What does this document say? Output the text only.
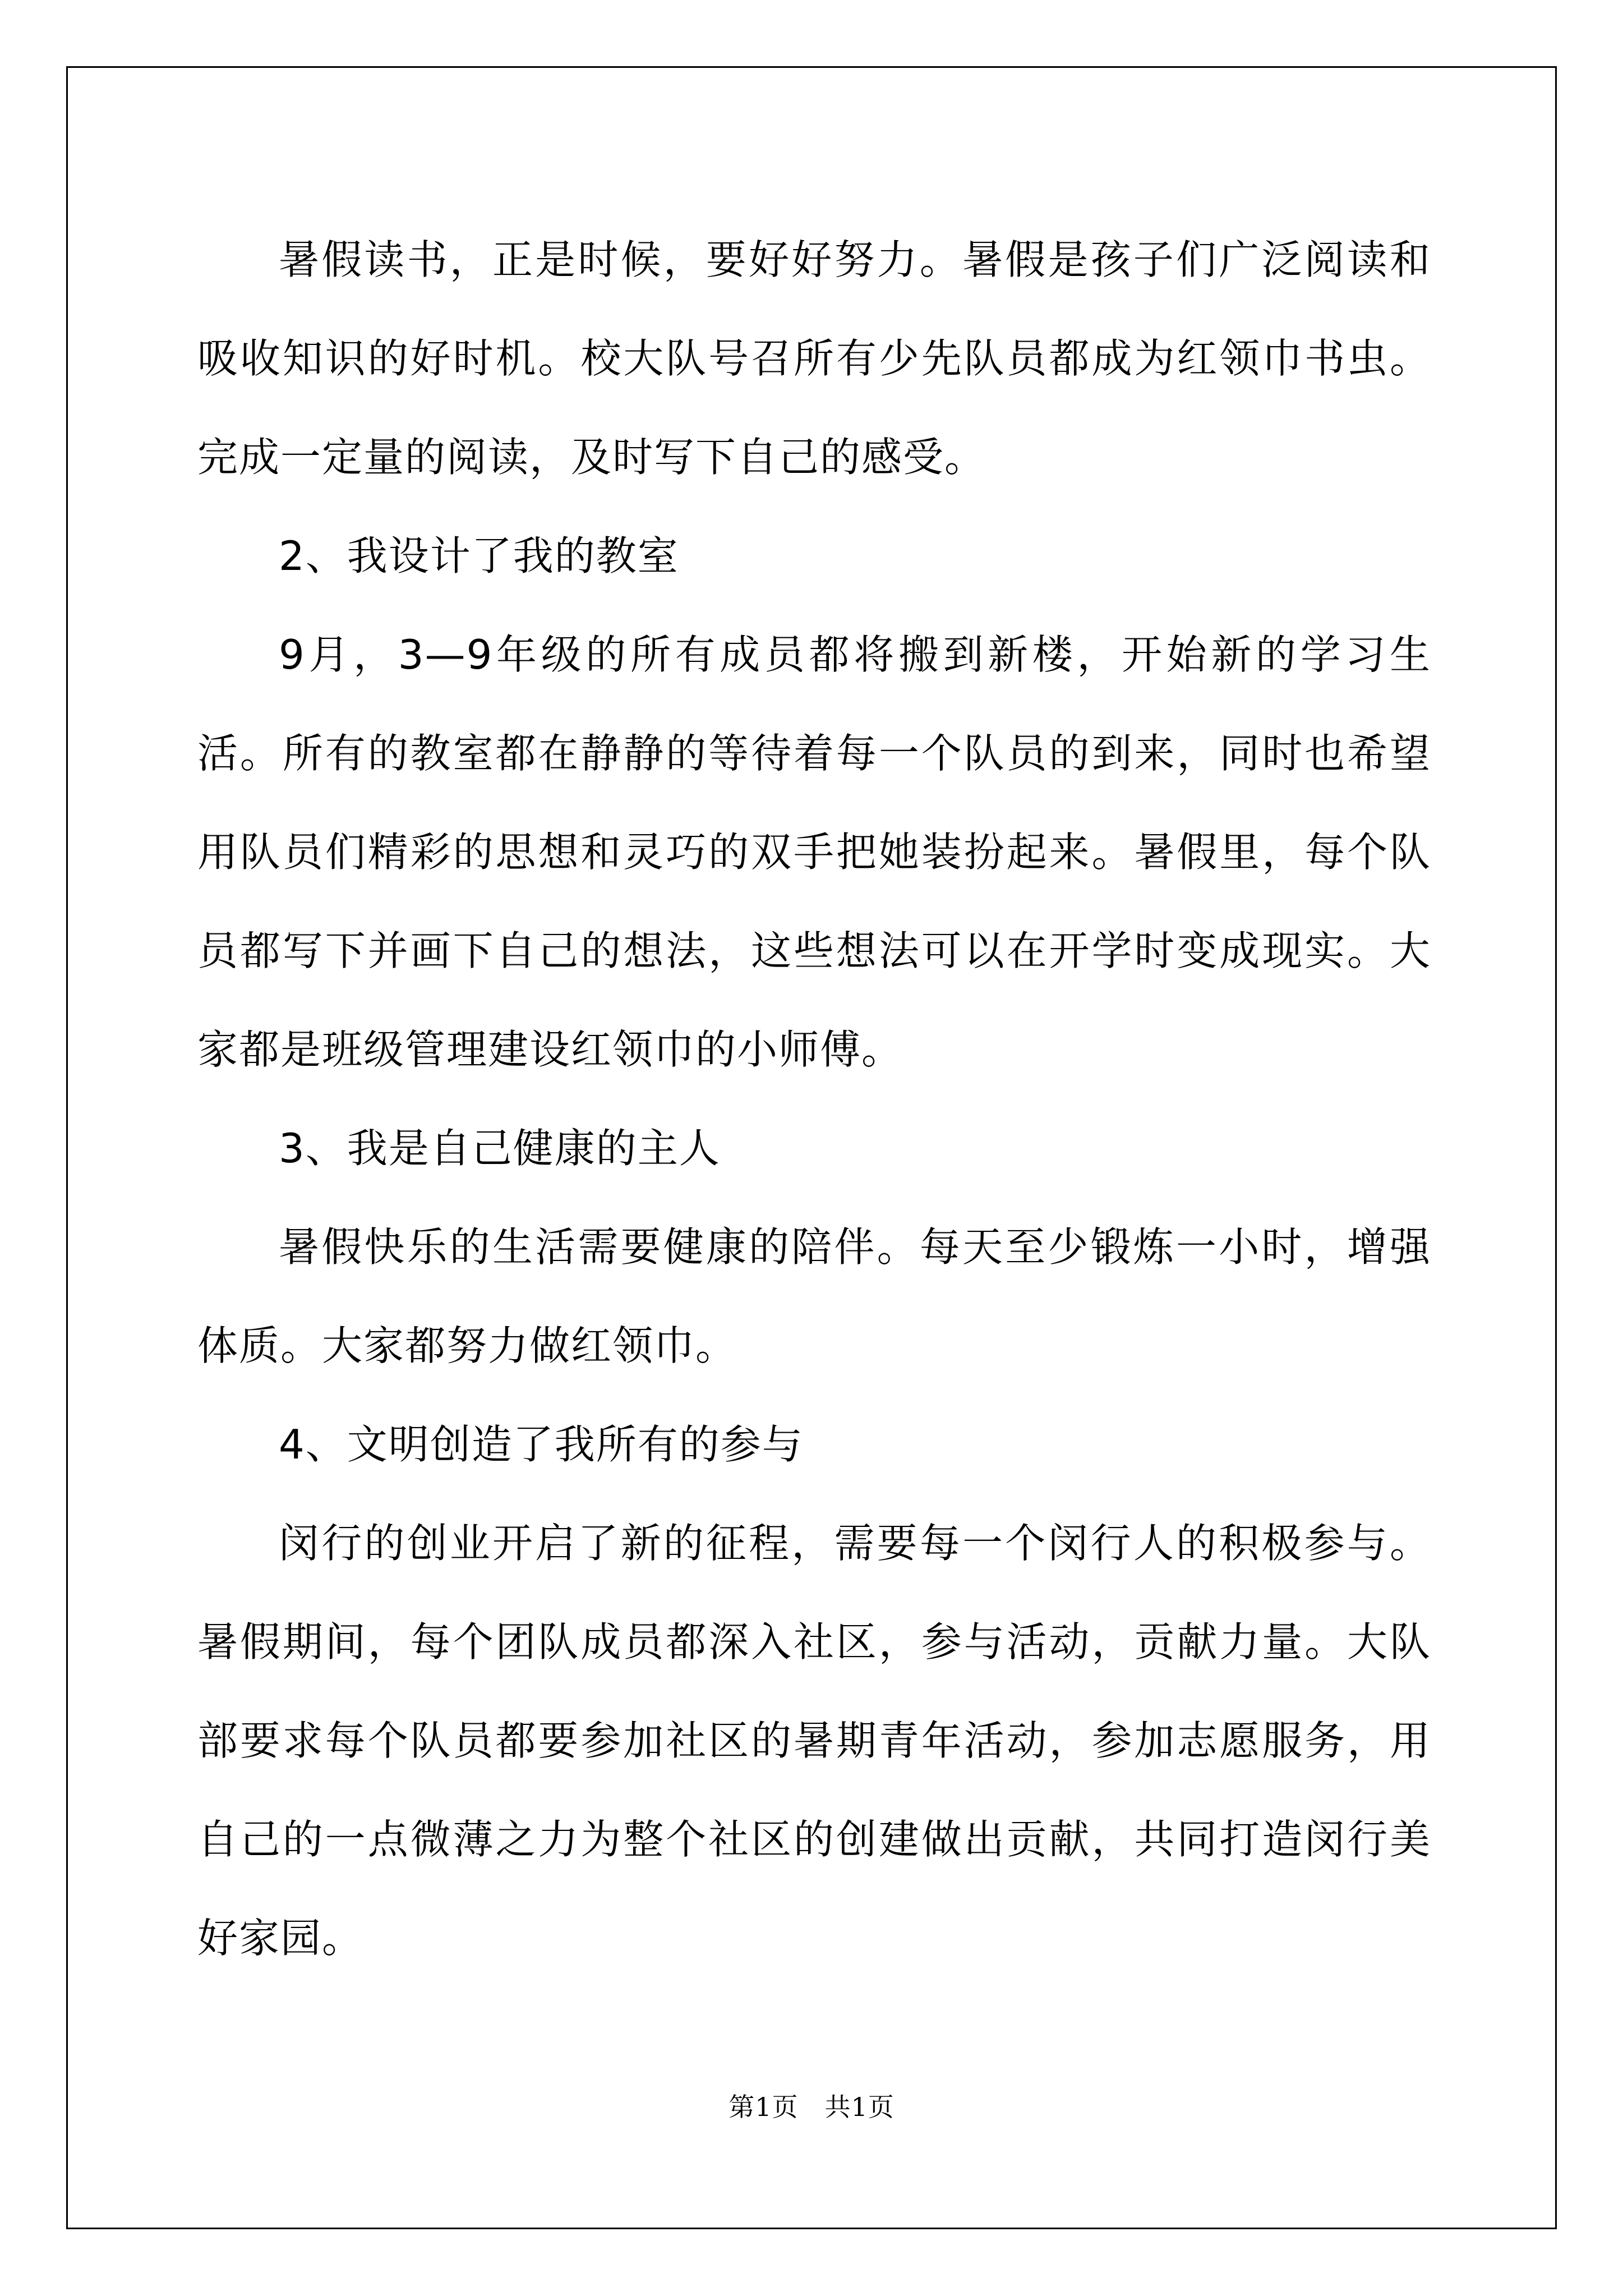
暑假读书，正是时候，要好好努力。暑假是孩子们广泛阅读和吸收知识的好时机。校大队号召所有少先队员都成为红领巾书虫。完成一定量的阅读，及时写下自己的感受。

2、我设计了我的教室

9月，3—9年级的所有成员都将搬到新楼，开始新的学习生活。所有的教室都在静静的等待着每一个队员的到来，同时也希望用队员们精彩的思想和灵巧的双手把她装扮起来。暑假里，每个队员都写下并画下自己的想法，这些想法可以在开学时变成现实。大家都是班级管理建设红领巾的小师傅。

3、我是自己健康的主人

暑假快乐的生活需要健康的陪伴。每天至少锻炼一小时，增强体质。大家都努力做红领巾。

4、文明创造了我所有的参与

闵行的创业开启了新的征程，需要每一个闵行人的积极参与。暑假期间，每个团队成员都深入社区，参与活动，贡献力量。大队部要求每个队员都要参加社区的暑期青年活动，参加志愿服务，用自己的一点微薄之力为整个社区的创建做出贡献，共同打造闵行美好家园。

第1页　共1页
